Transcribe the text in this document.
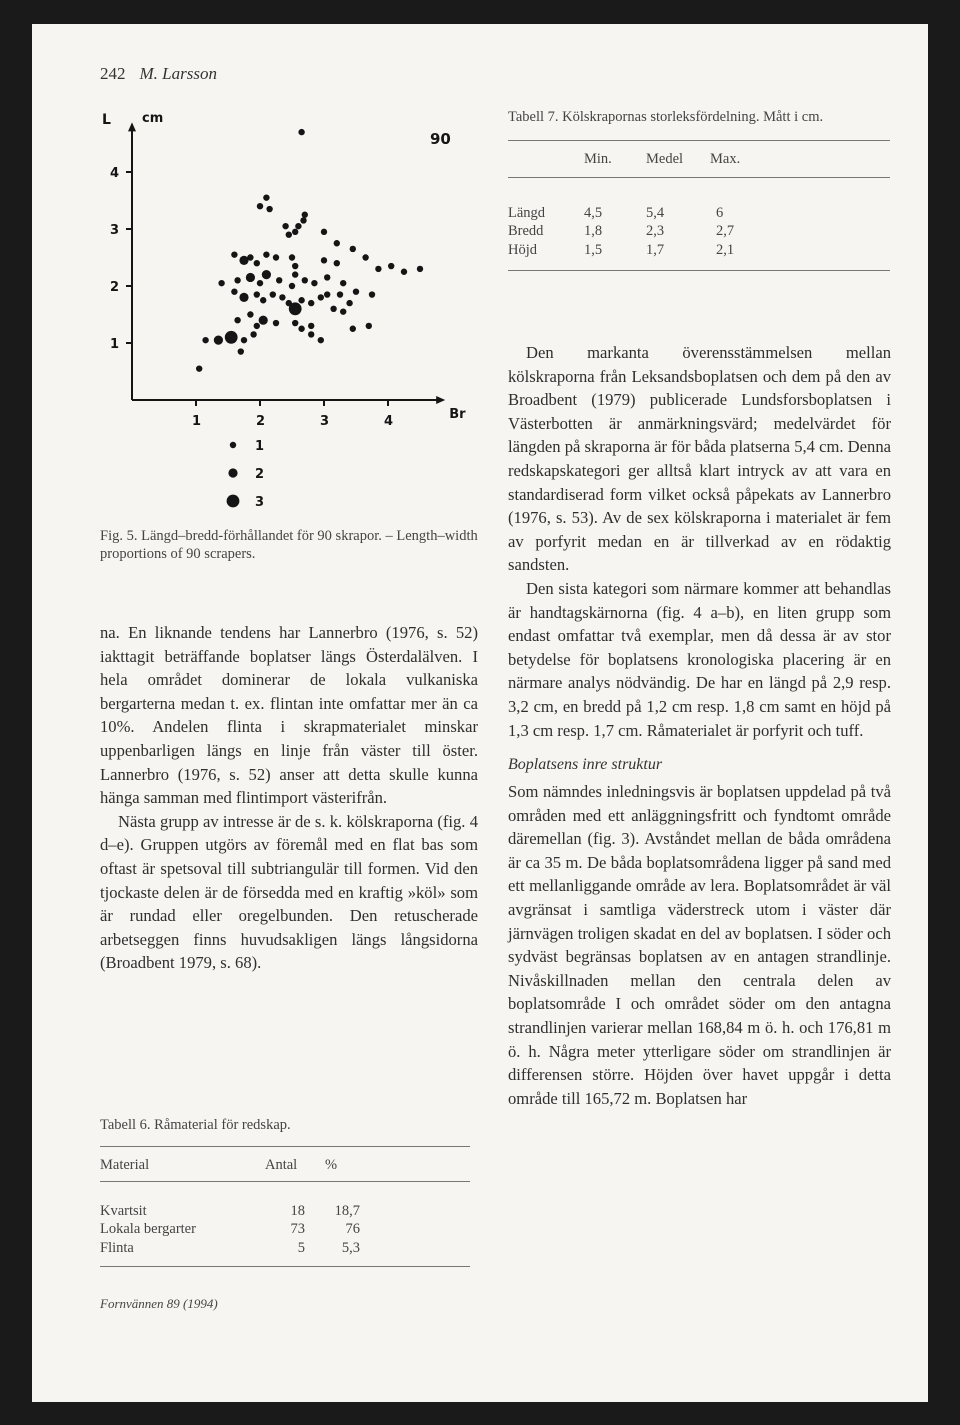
242 M. Larsson
1
2
3
4
1	2	3	4
L cm
Br
90
1
2
3

Fig. 5. Längd–bredd-förhållandet för 90 skrapor. – Length–width proportions of 90 scrapers.

na. En liknande tendens har Lannerbro (1976, s. 52) iakttagit beträffande boplatser längs Österdalälven. I hela området dominerar de lokala vulkaniska bergarterna medan t. ex. flintan inte omfattar mer än ca 10%. Andelen flinta i skrapmaterialet minskar uppenbarligen längs en linje från väster till öster. Lannerbro (1976, s. 52) anser att detta skulle kunna hänga samman med flintimport västerifrån.

Nästa grupp av intresse är de s. k. kölskraporna (fig. 4 d–e). Gruppen utgörs av föremål med en flat bas som oftast är spetsoval till subtriangulär till formen. Vid den tjockaste delen är de försedda med en kraftig »köl» som är rundad eller oregelbunden. Den retuscherade arbetseggen finns huvudsakligen längs långsidorna (Broadbent 1979, s. 68).

Tabell 6. Råmaterial för redskap.

Material	Antal	%
Kvartsit	18	18,7
Lokala bergarter	73	76
Flinta	5	5,3

Tabell 7. Kölskrapornas storleksfördelning. Mått i cm.

	Min.	Medel	Max.
Längd	4,5	5,4	6
Bredd	1,8	2,3	2,7
Höjd	1,5	1,7	2,1

Den markanta överensstämmelsen mellan kölskraporna från Leksandsboplatsen och dem på den av Broadbent (1979) publicerade Lundsforsboplatsen i Västerbotten är anmärkningsvärd; medelvärdet för längden på skraporna är för båda platserna 5,4 cm. Denna redskapskategori ger alltså klart intryck av att vara en standardiserad form vilket också påpekats av Lannerbro (1976, s. 53). Av de sex kölskraporna i materialet är fem av porfyrit medan en är tillverkad av en rödaktig sandsten.

Den sista kategori som närmare kommer att behandlas är handtagskärnorna (fig. 4 a–b), en liten grupp som endast omfattar två exemplar, men då dessa är av stor betydelse för boplatsens kronologiska placering är en närmare analys nödvändig. De har en längd på 2,9 resp. 3,2 cm, en bredd på 1,2 cm resp. 1,8 cm samt en höjd på 1,3 cm resp. 1,7 cm. Råmaterialet är porfyrit och tuff.

Boplatsens inre struktur

Som nämndes inledningsvis är boplatsen uppdelad på två områden med ett anläggningsfritt och fyndtomt område däremellan (fig. 3). Avståndet mellan de båda områdena är ca 35 m. De båda boplatsområdena ligger på sand med ett mellanliggande område av lera. Boplatsområdet är väl avgränsat i samtliga väderstreck utom i väster där järnvägen troligen skadat en del av boplatsen. I söder och sydväst begränsas boplatsen av en antagen strandlinje. Nivåskillnaden mellan den centrala delen av boplatsområde I och området söder om den antagna strandlinjen varierar mellan 168,84 m ö. h. och 176,81 m ö. h. Några meter ytterligare söder om strandlinjen är differensen större. Höjden över havet uppgår i detta område till 165,72 m. Boplatsen har

Fornvännen 89 (1994)
